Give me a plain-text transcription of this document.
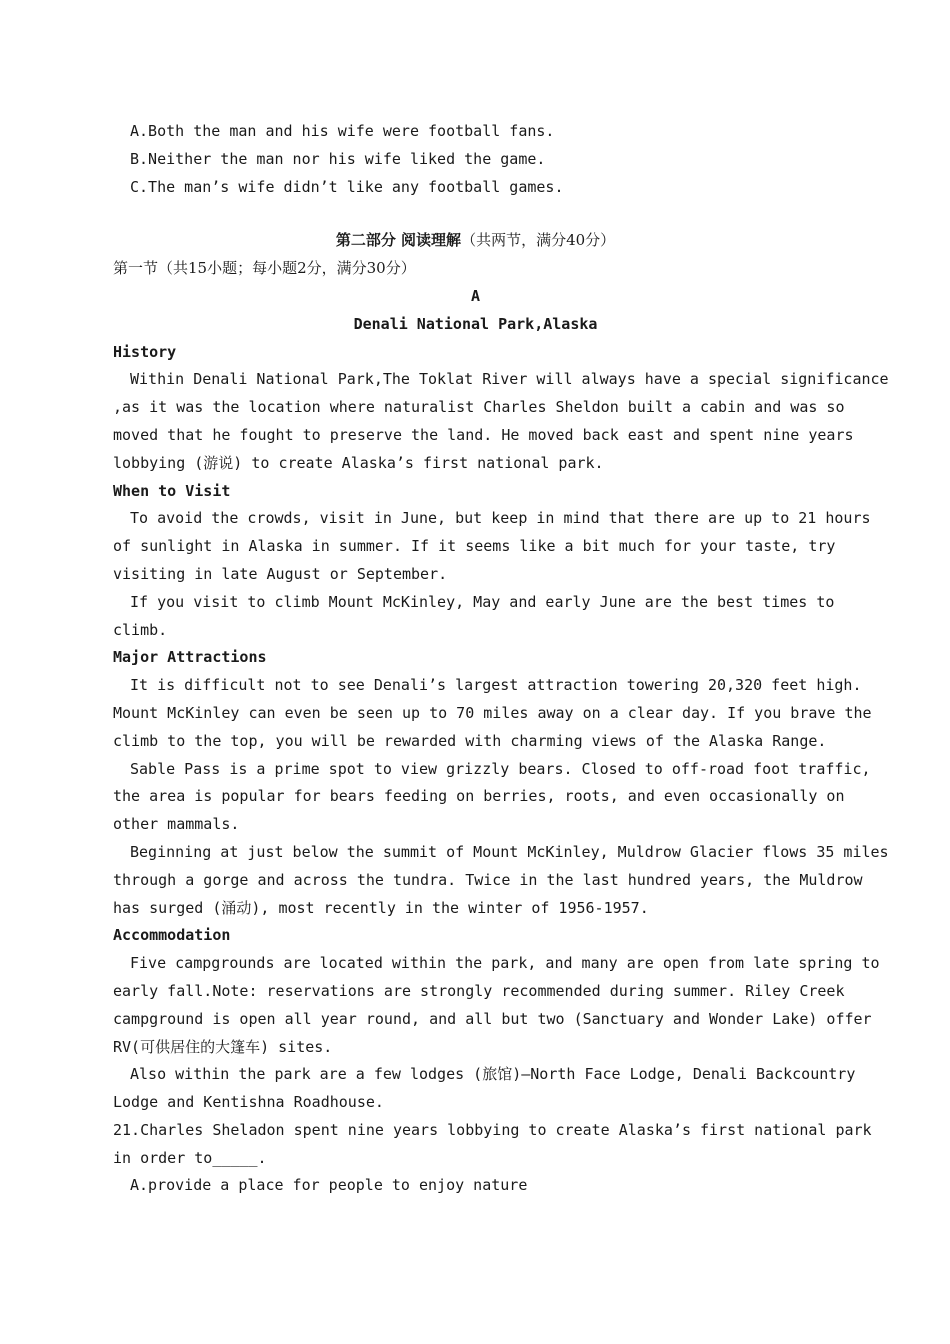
A.Both the man and his wife were football fans.
B.Neither the man nor his wife liked the game.
C.The man’s wife didn’t like any football games.
第二部分 阅读理解（共两节，满分40分）
第一节（共15小题；每小题2分，满分30分）
A
Denali National Park,Alaska
History
Within Denali National Park,The Toklat River will always have a special significance
,as it was the location where naturalist Charles Sheldon built a cabin and was so
moved that he fought to preserve the land. He moved back east and spent nine years
lobbying (游说) to create Alaska’s first national park.
When to Visit
To avoid the crowds, visit in June, but keep in mind that there are up to 21 hours
of sunlight in Alaska in summer. If it seems like a bit much for your taste, try
visiting in late August or September.
If you visit to climb Mount McKinley, May and early June are the best times to
climb.
Major Attractions
It is difficult not to see Denali’s largest attraction towering 20,320 feet high.
Mount McKinley can even be seen up to 70 miles away on a clear day. If you brave the
climb to the top, you will be rewarded with charming views of the Alaska Range.
Sable Pass is a prime spot to view grizzly bears. Closed to off-road foot traffic,
the area is popular for bears feeding on berries, roots, and even occasionally on
other mammals.
Beginning at just below the summit of Mount McKinley, Muldrow Glacier flows 35 miles
through a gorge and across the tundra. Twice in the last hundred years, the Muldrow
has surged (涌动), most recently in the winter of 1956-1957.
Accommodation
Five campgrounds are located within the park, and many are open from late spring to
early fall.Note: reservations are strongly recommended during summer. Riley Creek
campground is open all year round, and all but two (Sanctuary and Wonder Lake) offer
RV(可供居住的大篷车) sites.
Also within the park are a few lodges (旅馆)—North Face Lodge, Denali Backcountry
Lodge and Kentishna Roadhouse.
21.Charles Sheladon spent nine years lobbying to create Alaska’s first national park
in order to_____.
A.provide a place for people to enjoy nature
